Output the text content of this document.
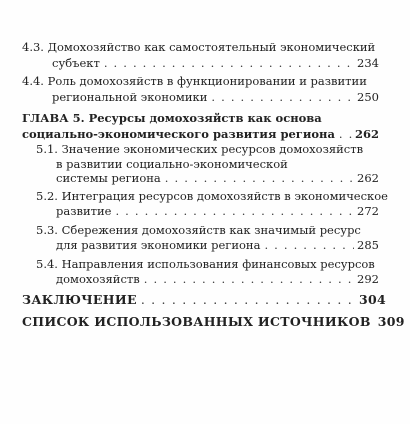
4.3. Домохозяйство как самостоятельный экономический
субъект . . .	234
4.4. Роль домохозяйств в функционировании и развитии
региональной экономики . . .	250
ГЛАВА 5. Ресурсы домохозяйств как основа
социально-экономического развития региона . . . 262
5.1. Значение экономических ресурсов домохозяйств
в развитии социально-экономической
системы региона . . .	262
5.2. Интеграция ресурсов домохозяйств в экономическое
развитие . . .	272
5.3. Сбережения домохозяйств как значимый ресурс
для развития экономики региона . . .	285
5.4. Направления использования финансовых ресурсов
домохозяйств . . .	292
ЗАКЛЮЧЕНИЕ . . .	304
СПИСОК ИСПОЛЬЗОВАННЫХ ИСТОЧНИКОВ 309
